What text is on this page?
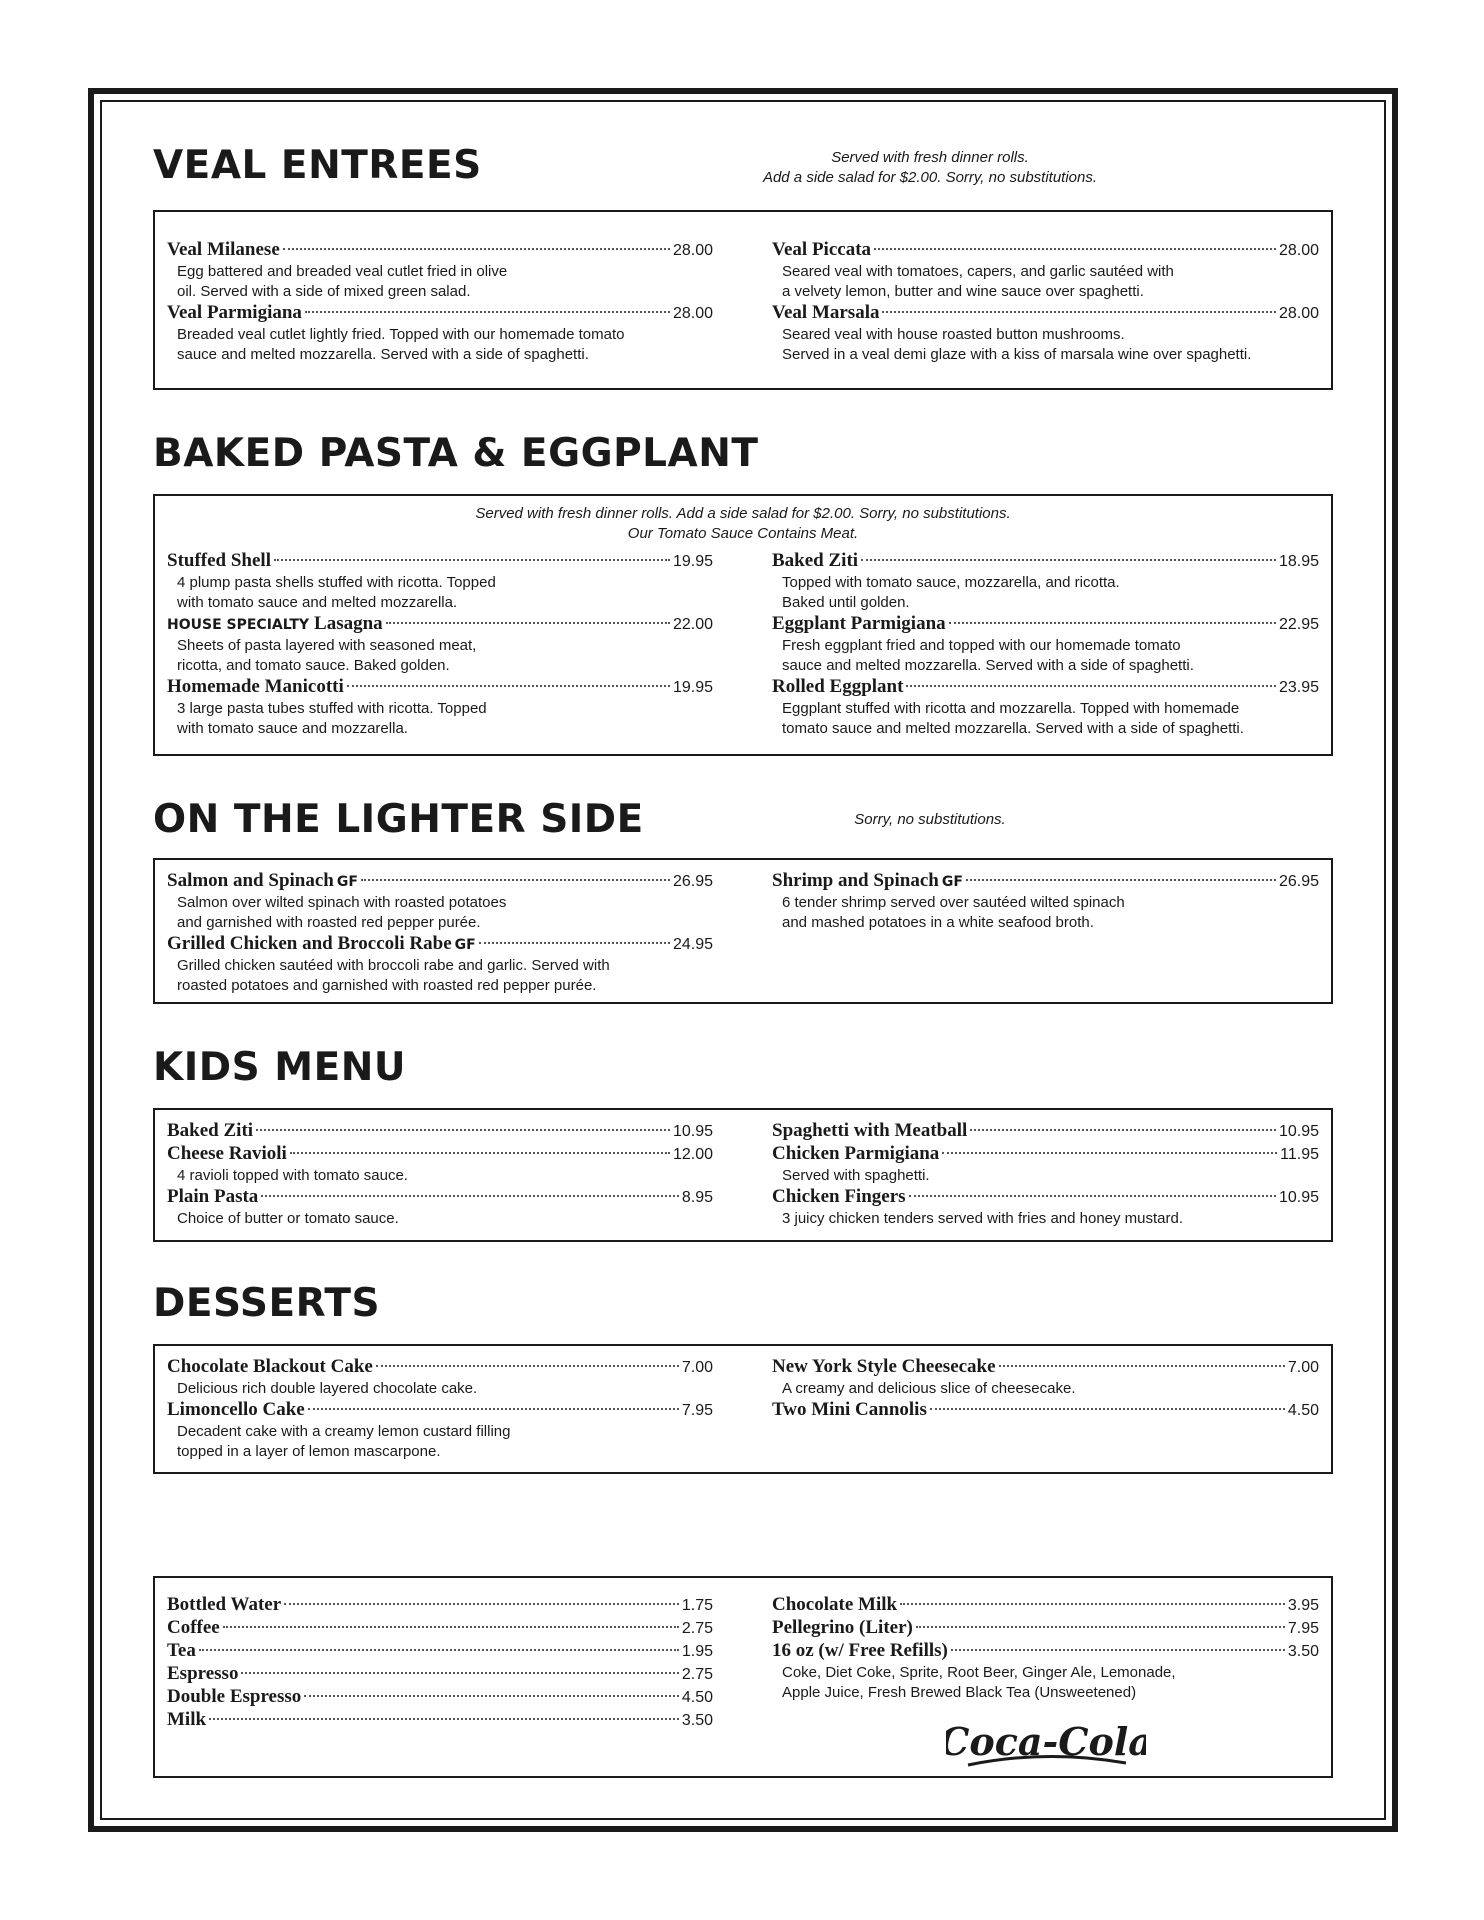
VEAL ENTREES	Served with fresh dinner rolls.
Add a side salad for $2.00. Sorry, no substitutions.
Veal Milanese	28.00
Egg battered and breaded veal cutlet fried in olive
oil. Served with a side of mixed green salad.
Veal Parmigiana	28.00
Breaded veal cutlet lightly fried. Topped with our homemade tomato
sauce and melted mozzarella. Served with a side of spaghetti.
Veal Piccata	28.00
Seared veal with tomatoes, capers, and garlic sautéed with
a velvety lemon, butter and wine sauce over spaghetti.
Veal Marsala	28.00
Seared veal with house roasted button mushrooms.
Served in a veal demi glaze with a kiss of marsala wine over spaghetti.
BAKED PASTA & EGGPLANT
Served with fresh dinner rolls. Add a side salad for $2.00. Sorry, no substitutions.
Our Tomato Sauce Contains Meat.
Stuffed Shell	19.95
4 plump pasta shells stuffed with ricotta. Topped
with tomato sauce and melted mozzarella.
HOUSE SPECIALTY Lasagna	22.00
Sheets of pasta layered with seasoned meat,
ricotta, and tomato sauce. Baked golden.
Homemade Manicotti	19.95
3 large pasta tubes stuffed with ricotta. Topped
with tomato sauce and mozzarella.
Baked Ziti	18.95
Topped with tomato sauce, mozzarella, and ricotta.
Baked until golden.
Eggplant Parmigiana	22.95
Fresh eggplant fried and topped with our homemade tomato
sauce and melted mozzarella. Served with a side of spaghetti.
Rolled Eggplant	23.95
Eggplant stuffed with ricotta and mozzarella. Topped with homemade
tomato sauce and melted mozzarella. Served with a side of spaghetti.
ON THE LIGHTER SIDE	Sorry, no substitutions.
Salmon and Spinach GF	26.95
Salmon over wilted spinach with roasted potatoes
and garnished with roasted red pepper purée.
Grilled Chicken and Broccoli Rabe GF	24.95
Grilled chicken sautéed with broccoli rabe and garlic. Served with
roasted potatoes and garnished with roasted red pepper purée.
Shrimp and Spinach GF	26.95
6 tender shrimp served over sautéed wilted spinach
and mashed potatoes in a white seafood broth.
KIDS MENU
Baked Ziti	10.95
Cheese Ravioli	12.00
4 ravioli topped with tomato sauce.
Plain Pasta	8.95
Choice of butter or tomato sauce.
Spaghetti with Meatball	10.95
Chicken Parmigiana	11.95
Served with spaghetti.
Chicken Fingers	10.95
3 juicy chicken tenders served with fries and honey mustard.
DESSERTS
Chocolate Blackout Cake	7.00
Delicious rich double layered chocolate cake.
Limoncello Cake	7.95
Decadent cake with a creamy lemon custard filling
topped in a layer of lemon mascarpone.
New York Style Cheesecake	7.00
A creamy and delicious slice of cheesecake.
Two Mini Cannolis	4.50
Bottled Water	1.75
Coffee	2.75
Tea	1.95
Espresso	2.75
Double Espresso	4.50
Milk	3.50
Chocolate Milk	3.95
Pellegrino (Liter)	7.95
16 oz (w/ Free Refills)	3.50
Coke, Diet Coke, Sprite, Root Beer, Ginger Ale, Lemonade,
Apple Juice, Fresh Brewed Black Tea (Unsweetened)
Coca-Cola
